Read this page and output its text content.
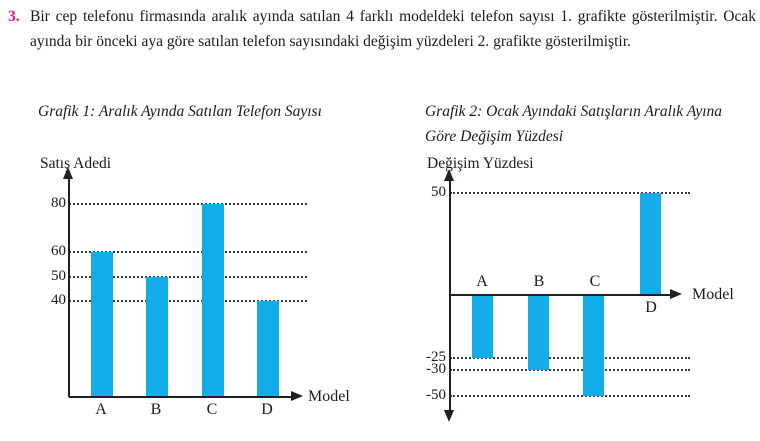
3. Bir cep telefonu firmasında aralık ayında satılan 4 farklı modeldeki telefon sayısı 1. grafikte gösterilmiştir. Ocak ayında bir önceki aya göre satılan telefon sayısındaki değişim yüzdeleri 2. grafikte gösterilmiştir.

Grafik 1: Aralık Ayında Satılan Telefon Sayısı	Grafik 2: Ocak Ayındaki Satışların Aralık Ayına Göre Değişim Yüzdesi
Satış Adedi	Değişim Yüzdesi
80
60
50
40
A	B	C	D
Model
50
-25
-30
-50
A	B	C
D
Model
